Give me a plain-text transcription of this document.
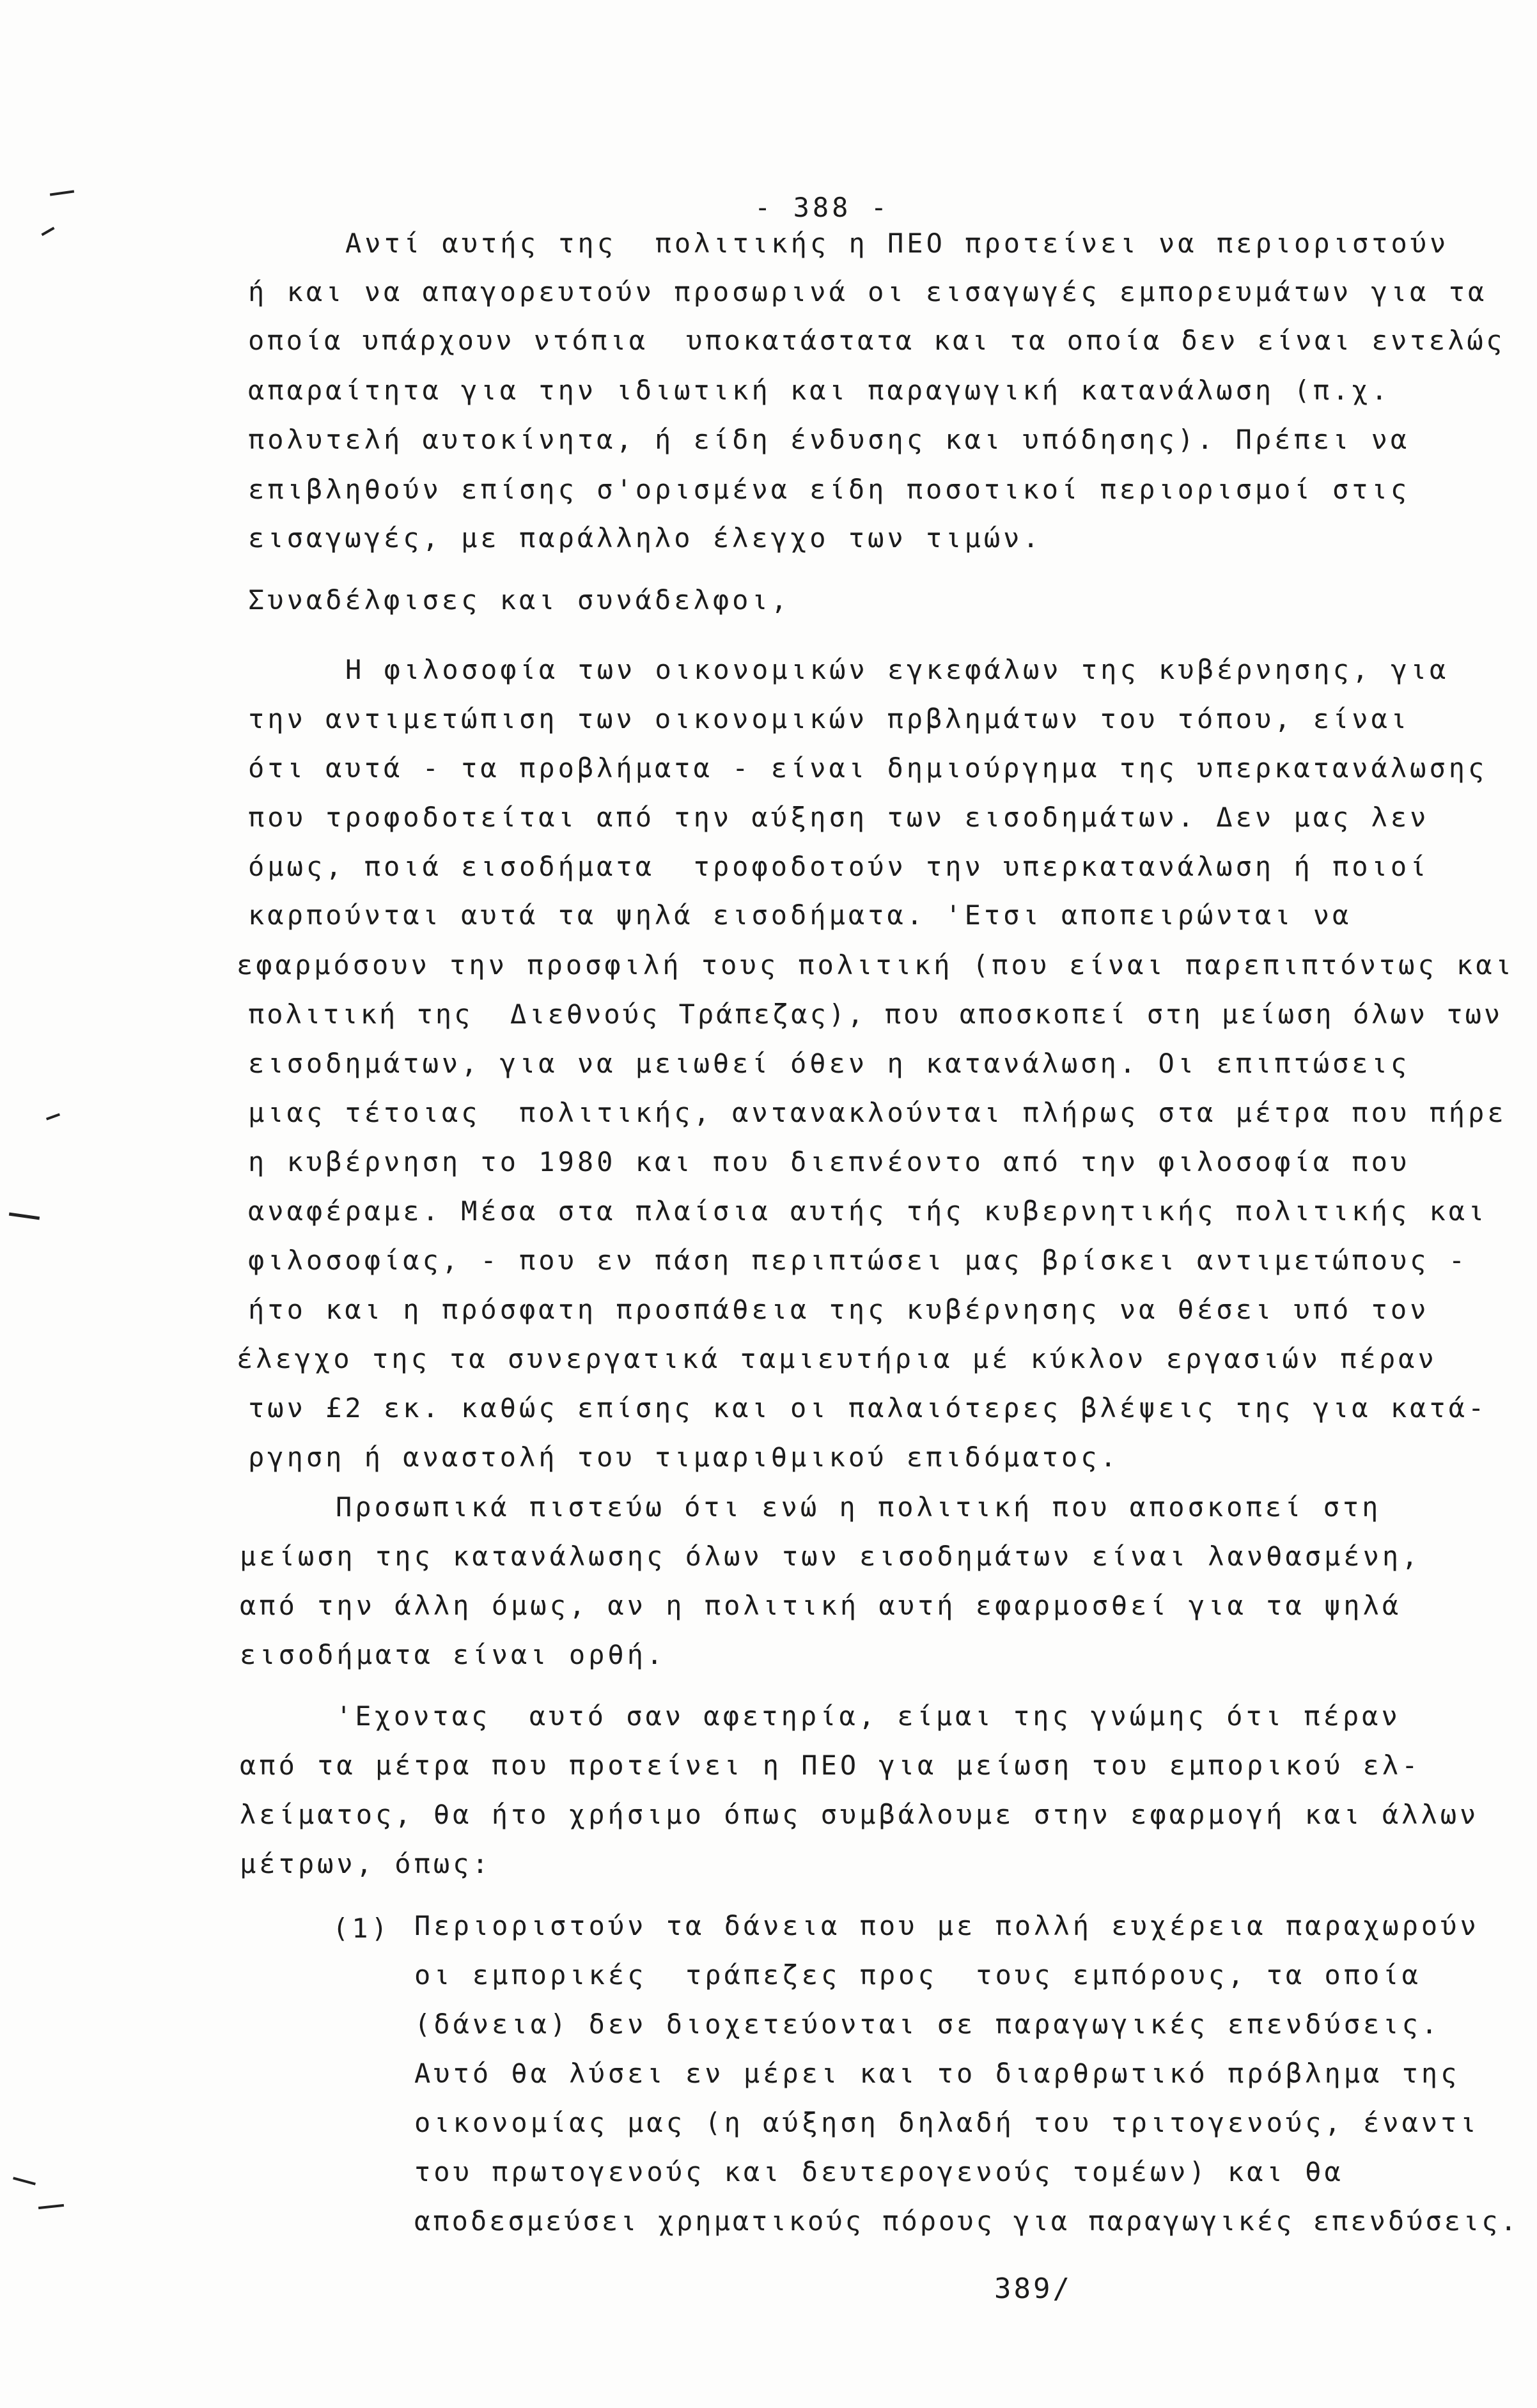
- 388 -
Αντί αυτής της  πολιτικής η ΠΕΟ προτείνει να περιοριστούν
ή και να απαγορευτούν προσωρινά οι εισαγωγές εμπορευμάτων για τα
οποία υπάρχουν ντόπια  υποκατάστατα και τα οποία δεν είναι εντελώς
απαραίτητα για την ιδιωτική και παραγωγική κατανάλωση (π.χ.
πολυτελή αυτοκίνητα, ή είδη ένδυσης και υπόδησης). Πρέπει να
επιβληθούν επίσης σ'ορισμένα είδη ποσοτικοί περιορισμοί στις
εισαγωγές, με παράλληλο έλεγχο των τιμών.
Συναδέλφισες και συνάδελφοι,
Η φιλοσοφία των οικονομικών εγκεφάλων της κυβέρνησης, για
την αντιμετώπιση των οικονομικών πρβλημάτων του τόπου, είναι
ότι αυτά - τα προβλήματα - είναι δημιούργημα της υπερκατανάλωσης
που τροφοδοτείται από την αύξηση των εισοδημάτων. Δεν μας λεν
όμως, ποιά εισοδήματα  τροφοδοτούν την υπερκατανάλωση ή ποιοί
καρπούνται αυτά τα ψηλά εισοδήματα. 'Ετσι αποπειρώνται να
εφαρμόσουν την προσφιλή τους πολιτική (που είναι παρεπιπτόντως και
πολιτική της  Διεθνούς Τράπεζας), που αποσκοπεί στη μείωση όλων των
εισοδημάτων, για να μειωθεί όθεν η κατανάλωση. Οι επιπτώσεις
μιας τέτοιας  πολιτικής, αντανακλούνται πλήρως στα μέτρα που πήρε
η κυβέρνηση το 1980 και που διεπνέοντο από την φιλοσοφία που
αναφέραμε. Μέσα στα πλαίσια αυτής τής κυβερνητικής πολιτικής και
φιλοσοφίας, - που εν πάση περιπτώσει μας βρίσκει αντιμετώπους -
ήτο και η πρόσφατη προσπάθεια της κυβέρνησης να θέσει υπό τον
έλεγχο της τα συνεργατικά ταμιευτήρια μέ κύκλον εργασιών πέραν
των £2 εκ. καθώς επίσης και οι παλαιότερες βλέψεις της για κατά-
ργηση ή αναστολή του τιμαριθμικού επιδόματος.
Προσωπικά πιστεύω ότι ενώ η πολιτική που αποσκοπεί στη
μείωση της κατανάλωσης όλων των εισοδημάτων είναι λανθασμένη,
από την άλλη όμως, αν η πολιτική αυτή εφαρμοσθεί για τα ψηλά
εισοδήματα είναι ορθή.
'Εχοντας  αυτό σαν αφετηρία, είμαι της γνώμης ότι πέραν
από τα μέτρα που προτείνει η ΠΕΟ για μείωση του εμπορικού ελ-
λείματος, θα ήτο χρήσιμο όπως συμβάλουμε στην εφαρμογή και άλλων
μέτρων, όπως:
(1) Περιοριστούν τα δάνεια που με πολλή ευχέρεια παραχωρούν
οι εμπορικές  τράπεζες προς  τους εμπόρους, τα οποία
(δάνεια) δεν διοχετεύονται σε παραγωγικές επενδύσεις.
Αυτό θα λύσει εν μέρει και το διαρθρωτικό πρόβλημα της
οικονομίας μας (η αύξηση δηλαδή του τριτογενούς, έναντι
του πρωτογενούς και δευτερογενούς τομέων) και θα
αποδεσμεύσει χρηματικούς πόρους για παραγωγικές επενδύσεις.
389/
